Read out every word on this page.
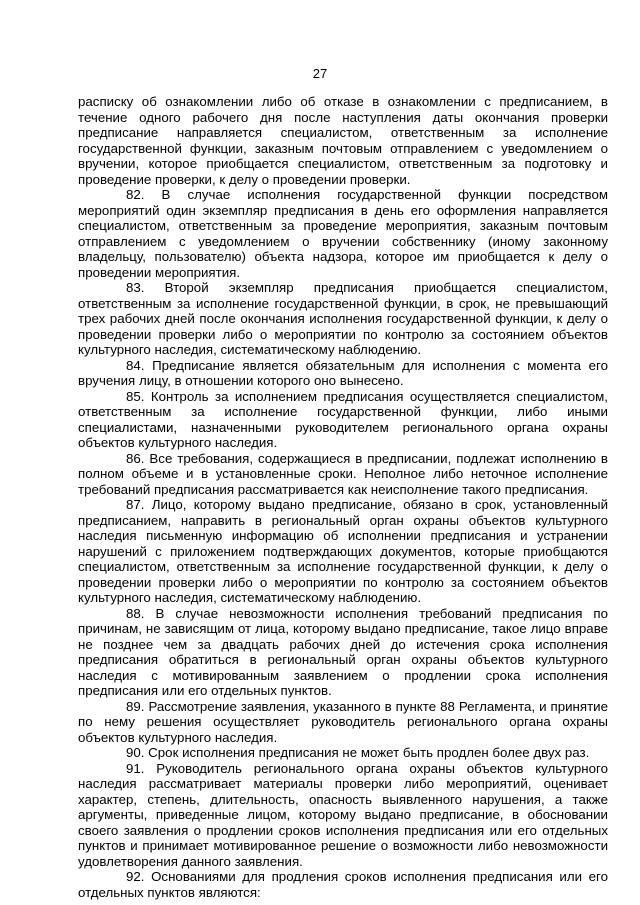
27

расписку об ознакомлении либо об отказе в ознакомлении с предписанием, в течение одного рабочего дня после наступления даты окончания проверки предписание направляется специалистом, ответственным за исполнение государственной функции, заказным почтовым отправлением с уведомлением о вручении, которое приобщается специалистом, ответственным за подготовку и проведение проверки, к делу о проведении проверки.

82. В случае исполнения государственной функции посредством мероприятий один экземпляр предписания в день его оформления направляется специалистом, ответственным за проведение мероприятия, заказным почтовым отправлением с уведомлением о вручении собственнику (иному законному владельцу, пользователю) объекта надзора, которое им приобщается к делу о проведении мероприятия.

83. Второй экземпляр предписания приобщается специалистом, ответственным за исполнение государственной функции, в срок, не превышающий трех рабочих дней после окончания исполнения государственной функции, к делу о проведении проверки либо о мероприятии по контролю за состоянием объектов культурного наследия, систематическому наблюдению.

84. Предписание является обязательным для исполнения с момента его вручения лицу, в отношении которого оно вынесено.

85. Контроль за исполнением предписания осуществляется специалистом, ответственным за исполнение государственной функции, либо иными специалистами, назначенными руководителем регионального органа охраны объектов культурного наследия.

86. Все требования, содержащиеся в предписании, подлежат исполнению в полном объеме и в установленные сроки. Неполное либо неточное исполнение требований предписания рассматривается как неисполнение такого предписания.

87. Лицо, которому выдано предписание, обязано в срок, установленный предписанием, направить в региональный орган охраны объектов культурного наследия письменную информацию об исполнении предписания и устранении нарушений с приложением подтверждающих документов, которые приобщаются специалистом, ответственным за исполнение государственной функции, к делу о проведении проверки либо о мероприятии по контролю за состоянием объектов культурного наследия, систематическому наблюдению.

88. В случае невозможности исполнения требований предписания по причинам, не зависящим от лица, которому выдано предписание, такое лицо вправе не позднее чем за двадцать рабочих дней до истечения срока исполнения предписания обратиться в региональный орган охраны объектов культурного наследия с мотивированным заявлением о продлении срока исполнения предписания или его отдельных пунктов.

89. Рассмотрение заявления, указанного в пункте 88 Регламента, и принятие по нему решения осуществляет руководитель регионального органа охраны объектов культурного наследия.

90. Срок исполнения предписания не может быть продлен более двух раз.

91. Руководитель регионального органа охраны объектов культурного наследия рассматривает материалы проверки либо мероприятий, оценивает характер, степень, длительность, опасность выявленного нарушения, а также аргументы, приведенные лицом, которому выдано предписание, в обосновании своего заявления о продлении сроков исполнения предписания или его отдельных пунктов и принимает мотивированное решение о возможности либо невозможности удовлетворения данного заявления.

92. Основаниями для продления сроков исполнения предписания или его отдельных пунктов являются:
